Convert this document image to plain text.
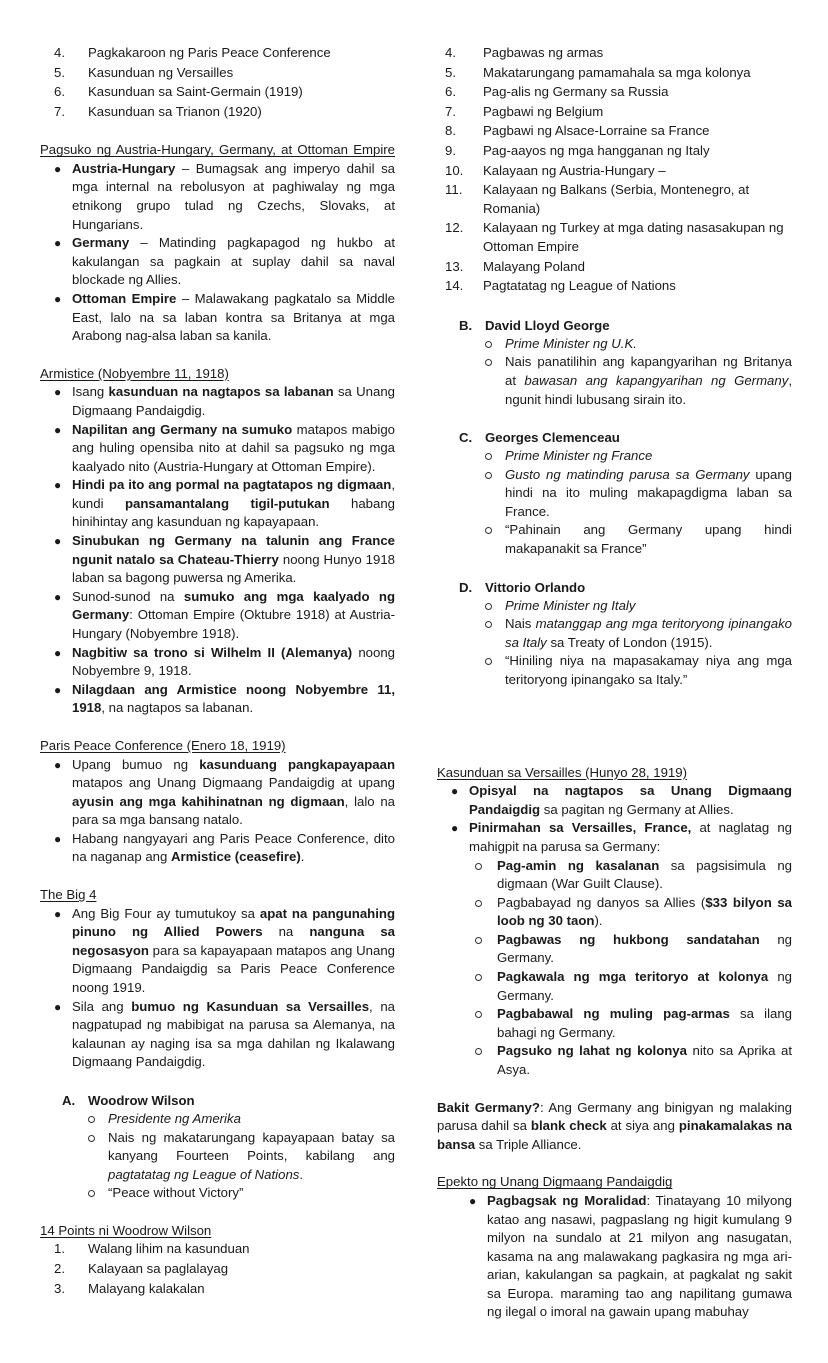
4.	Pagkakaroon ng Paris Peace Conference
5.	Kasunduan ng Versailles
6.	Kasunduan sa Saint-Germain (1919)
7.	Kasunduan sa Trianon (1920)
Pagsuko ng Austria-Hungary, Germany, at Ottoman Empire
● Austria-Hungary – Bumagsak ang imperyo dahil sa mga internal na rebolusyon at paghiwalay ng mga etnikong grupo tulad ng Czechs, Slovaks, at Hungarians.
● Germany – Matinding pagkapagod ng hukbo at kakulangan sa pagkain at suplay dahil sa naval blockade ng Allies.
● Ottoman Empire – Malawakang pagkatalo sa Middle East, lalo na sa laban kontra sa Britanya at mga Arabong nag-alsa laban sa kanila.
Armistice (Nobyembre 11, 1918)
● Isang kasunduan na nagtapos sa labanan sa Unang Digmaang Pandaigdig.
● Napilitan ang Germany na sumuko matapos mabigo ang huling opensiba nito at dahil sa pagsuko ng mga kaalyado nito (Austria-Hungary at Ottoman Empire).
● Hindi pa ito ang pormal na pagtatapos ng digmaan, kundi pansamantalang tigil-putukan habang hinihintay ang kasunduan ng kapayapaan.
● Sinubukan ng Germany na talunin ang France ngunit natalo sa Chateau-Thierry noong Hunyo 1918 laban sa bagong puwersa ng Amerika.
● Sunod-sunod na sumuko ang mga kaalyado ng Germany: Ottoman Empire (Oktubre 1918) at Austria-Hungary (Nobyembre 1918).
● Nagbitiw sa trono si Wilhelm II (Alemanya) noong Nobyembre 9, 1918.
● Nilagdaan ang Armistice noong Nobyembre 11, 1918, na nagtapos sa labanan.
Paris Peace Conference (Enero 18, 1919)
● Upang bumuo ng kasunduang pangkapayapaan matapos ang Unang Digmaang Pandaigdig at upang ayusin ang mga kahihinatnan ng digmaan, lalo na para sa mga bansang natalo.
● Habang nangyayari ang Paris Peace Conference, dito na naganap ang Armistice (ceasefire).
The Big 4
● Ang Big Four ay tumutukoy sa apat na pangunahing pinuno ng Allied Powers na nanguna sa negosasyon para sa kapayapaan matapos ang Unang Digmaang Pandaigdig sa Paris Peace Conference noong 1919.
● Sila ang bumuo ng Kasunduan sa Versailles, na nagpatupad ng mabibigat na parusa sa Alemanya, na kalaunan ay naging isa sa mga dahilan ng Ikalawang Digmaang Pandaigdig.
A. Woodrow Wilson
Presidente ng Amerika
Nais ng makatarungang kapayapaan batay sa kanyang Fourteen Points, kabilang ang pagtatatag ng League of Nations.
“Peace without Victory”
14 Points ni Woodrow Wilson
1.	Walang lihim na kasunduan
2.	Kalayaan sa paglalayag
3.	Malayang kalakalan
4.	Pagbawas ng armas
5.	Makatarungang pamamahala sa mga kolonya
6.	Pag-alis ng Germany sa Russia
7.	Pagbawi ng Belgium
8.	Pagbawi ng Alsace-Lorraine sa France
9.	Pag-aayos ng mga hangganan ng Italy
10.	Kalayaan ng Austria-Hungary –
11.	Kalayaan ng Balkans (Serbia, Montenegro, at Romania)
12.	Kalayaan ng Turkey at mga dating nasasakupan ng Ottoman Empire
13.	Malayang Poland
14.	Pagtatatag ng League of Nations
B. David Lloyd George
Prime Minister ng U.K.
Nais panatilihin ang kapangyarihan ng Britanya at bawasan ang kapangyarihan ng Germany, ngunit hindi lubusang sirain ito.
C. Georges Clemenceau
Prime Minister ng France
Gusto ng matinding parusa sa Germany upang hindi na ito muling makapagdigma laban sa France.
“Pahinain ang Germany upang hindi makapanakit sa France”
D. Vittorio Orlando
Prime Minister ng Italy
Nais matanggap ang mga teritoryong ipinangako sa Italy sa Treaty of London (1915).
“Hiniling niya na mapasakamay niya ang mga teritoryong ipinangako sa Italy.”
Kasunduan sa Versailles (Hunyo 28, 1919)
● Opisyal na nagtapos sa Unang Digmaang Pandaigdig sa pagitan ng Germany at Allies.
● Pinirmahan sa Versailles, France, at naglatag ng mahigpit na parusa sa Germany:
Pag-amin ng kasalanan sa pagsisimula ng digmaan (War Guilt Clause).
Pagbabayad ng danyos sa Allies ($33 bilyon sa loob ng 30 taon).
Pagbawas ng hukbong sandatahan ng Germany.
Pagkawala ng mga teritoryo at kolonya ng Germany.
Pagbabawal ng muling pag-armas sa ilang bahagi ng Germany.
Pagsuko ng lahat ng kolonya nito sa Aprika at Asya.

Bakit Germany?: Ang Germany ang binigyan ng malaking parusa dahil sa blank check at siya ang pinakamalakas na bansa sa Triple Alliance.

Epekto ng Unang Digmaang Pandaigdig
● Pagbagsak ng Moralidad: Tinatayang 10 milyong katao ang nasawi, pagpaslang ng higit kumulang 9 milyon na sundalo at 21 milyon ang nasugatan, kasama na ang malawakang pagkasira ng mga ari-arian, kakulangan sa pagkain, at pagkalat ng sakit sa Europa. maraming tao ang napilitang gumawa ng ilegal o imoral na gawain upang mabuhay
